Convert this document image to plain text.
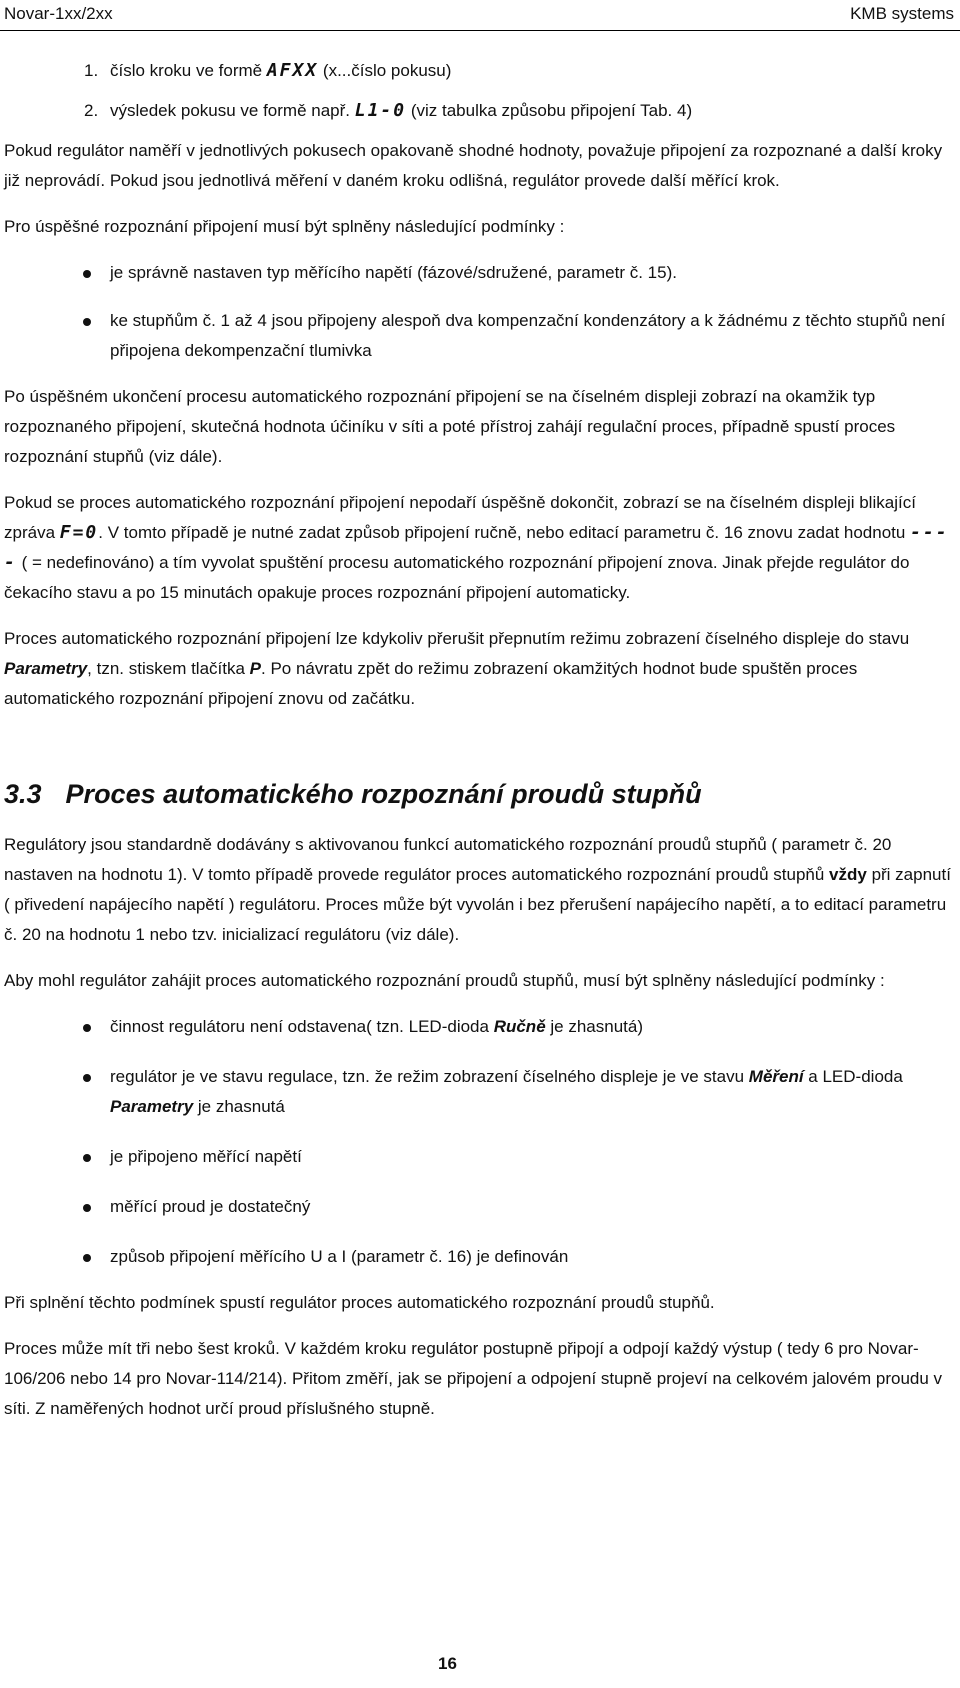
Novar-1xx/2xx	KMB systems
1. číslo kroku ve formě AFXX (x...číslo pokusu)
2. výsledek pokusu ve formě např. L1-0 (viz tabulka způsobu připojení Tab. 4)

Pokud regulátor naměří v jednotlivých pokusech opakovaně shodné hodnoty, považuje připojení za rozpoznané a další kroky již neprovádí. Pokud jsou jednotlivá měření v daném kroku odlišná, regulátor provede další měřící krok.

Pro úspěšné rozpoznání připojení musí být splněny následující podmínky :

je správně nastaven typ měřícího napětí (fázové/sdružené, parametr č. 15).
ke stupňům č. 1 až 4 jsou připojeny alespoň dva kompenzační kondenzátory a k žádnému z těchto stupňů není připojena dekompenzační tlumivka

Po úspěšném ukončení procesu automatického rozpoznání připojení se na číselném displeji zobrazí na okamžik typ rozpoznaného připojení, skutečná hodnota účiníku v síti a poté přístroj zahájí regulační proces, případně spustí proces rozpoznání stupňů (viz dále).

Pokud se proces automatického rozpoznání připojení nepodaří úspěšně dokončit, zobrazí se na číselném displeji blikající zpráva F=0. V tomto případě je nutné zadat způsob připojení ručně, nebo editací parametru č. 16 znovu zadat hodnotu ---- ( = nedefinováno) a tím vyvolat spuštění procesu automatického rozpoznání připojení znova. Jinak přejde regulátor do čekacího stavu a po 15 minutách opakuje proces rozpoznání připojení automaticky.

Proces automatického rozpoznání připojení lze kdykoliv přerušit přepnutím režimu zobrazení číselného displeje do stavu Parametry, tzn. stiskem tlačítka P. Po návratu zpět do režimu zobrazení okamžitých hodnot bude spuštěn proces automatického rozpoznání připojení znovu od začátku.

3.3 Proces automatického rozpoznání proudů stupňů

Regulátory jsou standardně dodávány s aktivovanou funkcí automatického rozpoznání proudů stupňů ( parametr č. 20 nastaven na hodnotu 1). V tomto případě provede regulátor proces automatického rozpoznání proudů stupňů vždy při zapnutí ( přivedení napájecího napětí ) regulátoru. Proces může být vyvolán i bez přerušení napájecího napětí, a to editací parametru č. 20 na hodnotu 1 nebo tzv. inicializací regulátoru (viz dále).

Aby mohl regulátor zahájit proces automatického rozpoznání proudů stupňů, musí být splněny následující podmínky :

činnost regulátoru není odstavena( tzn. LED-dioda Ručně je zhasnutá)
regulátor je ve stavu regulace, tzn. že režim zobrazení číselného displeje je ve stavu Měření a LED-dioda Parametry je zhasnutá
je připojeno měřící napětí
měřící proud je dostatečný
způsob připojení měřícího U a I (parametr č. 16) je definován

Při splnění těchto podmínek spustí regulátor proces automatického rozpoznání proudů stupňů.

Proces může mít tři nebo šest kroků. V každém kroku regulátor postupně připojí a odpojí každý výstup ( tedy 6 pro Novar-106/206 nebo 14 pro Novar-114/214). Přitom změří, jak se připojení a odpojení stupně projeví na celkovém jalovém proudu v síti. Z naměřených hodnot určí proud příslušného stupně.

16
